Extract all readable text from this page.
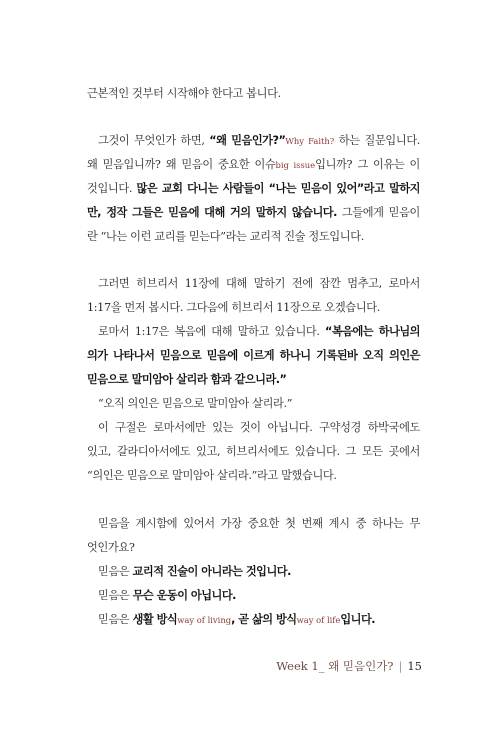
근본적인 것부터 시작해야 한다고 봅니다.
그것이 무엇인가 하면, “왜 믿음인가?”Why Faith? 하는 질문입니다.
왜 믿음입니까? 왜 믿음이 중요한 이슈big issue입니까? 그 이유는 이
것입니다. 많은 교회 다니는 사람들이 “나는 믿음이 있어”라고 말하지
만, 정작 그들은 믿음에 대해 거의 말하지 않습니다. 그들에게 믿음이
란 “나는 이런 교리를 믿는다”라는 교리적 진술 정도입니다.
그러면 히브리서 11장에 대해 말하기 전에 잠깐 멈추고, 로마서
1:17을 먼저 봅시다. 그다음에 히브리서 11장으로 오겠습니다.
로마서 1:17은 복음에 대해 말하고 있습니다. “복음에는 하나님의
의가 나타나서 믿음으로 믿음에 이르게 하나니 기록된바 오직 의인은
믿음으로 말미암아 살리라 함과 같으니라.”
“오직 의인은 믿음으로 말미암아 살리라.”
이 구절은 로마서에만 있는 것이 아닙니다. 구약성경 하박국에도
있고, 갈라디아서에도 있고, 히브리서에도 있습니다. 그 모든 곳에서
“의인은 믿음으로 말미암아 살리라.”라고 말했습니다.
믿음을 계시함에 있어서 가장 중요한 첫 번째 계시 중 하나는 무
엇인가요?
믿음은 교리적 진술이 아니라는 것입니다.
믿음은 무슨 운동이 아닙니다.
믿음은 생활 방식way of living, 곧 삶의 방식way of life입니다.
Week 1_ 왜 믿음인가? | 15
